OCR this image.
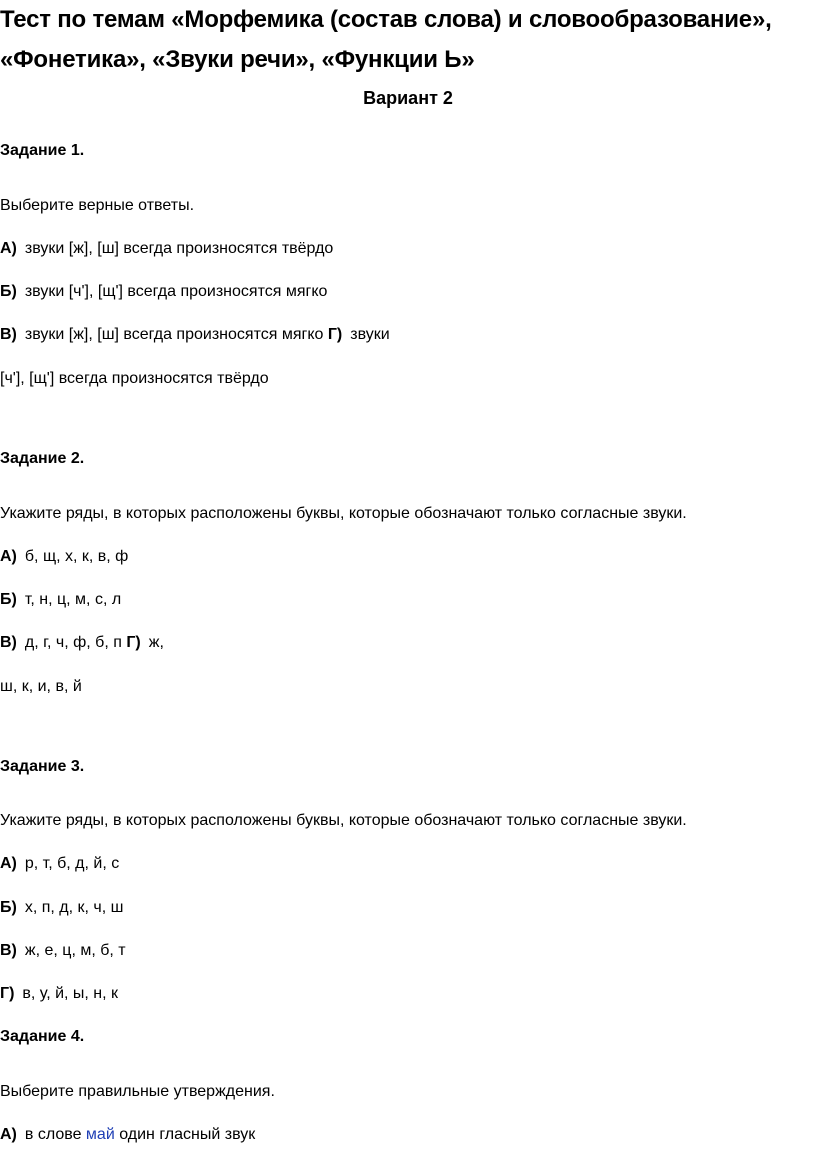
Тест по темам «Морфемика (состав слова) и словообразование», «Фонетика», «Звуки речи», «Функции Ь»
Вариант 2
Задание 1.
Выберите верные ответы.
А) звуки [ж], [ш] всегда произносятся твёрдо
Б) звуки [ч'], [щ'] всегда произносятся мягко
В) звуки [ж], [ш] всегда произносятся мягко Г) звуки
[ч'], [щ'] всегда произносятся твёрдо
Задание 2.
Укажите ряды, в которых расположены буквы, которые обозначают только согласные звуки.
А) б, щ, х, к, в, ф
Б) т, н, ц, м, с, л
В) д, г, ч, ф, б, п Г) ж,
ш, к, и, в, й
Задание 3.
Укажите ряды, в которых расположены буквы, которые обозначают только согласные звуки.
А) р, т, б, д, й, с
Б) х, п, д, к, ч, ш
В) ж, е, ц, м, б, т
Г) в, у, й, ы, н, к
Задание 4.
Выберите правильные утверждения.
А) в слове май один гласный звук
